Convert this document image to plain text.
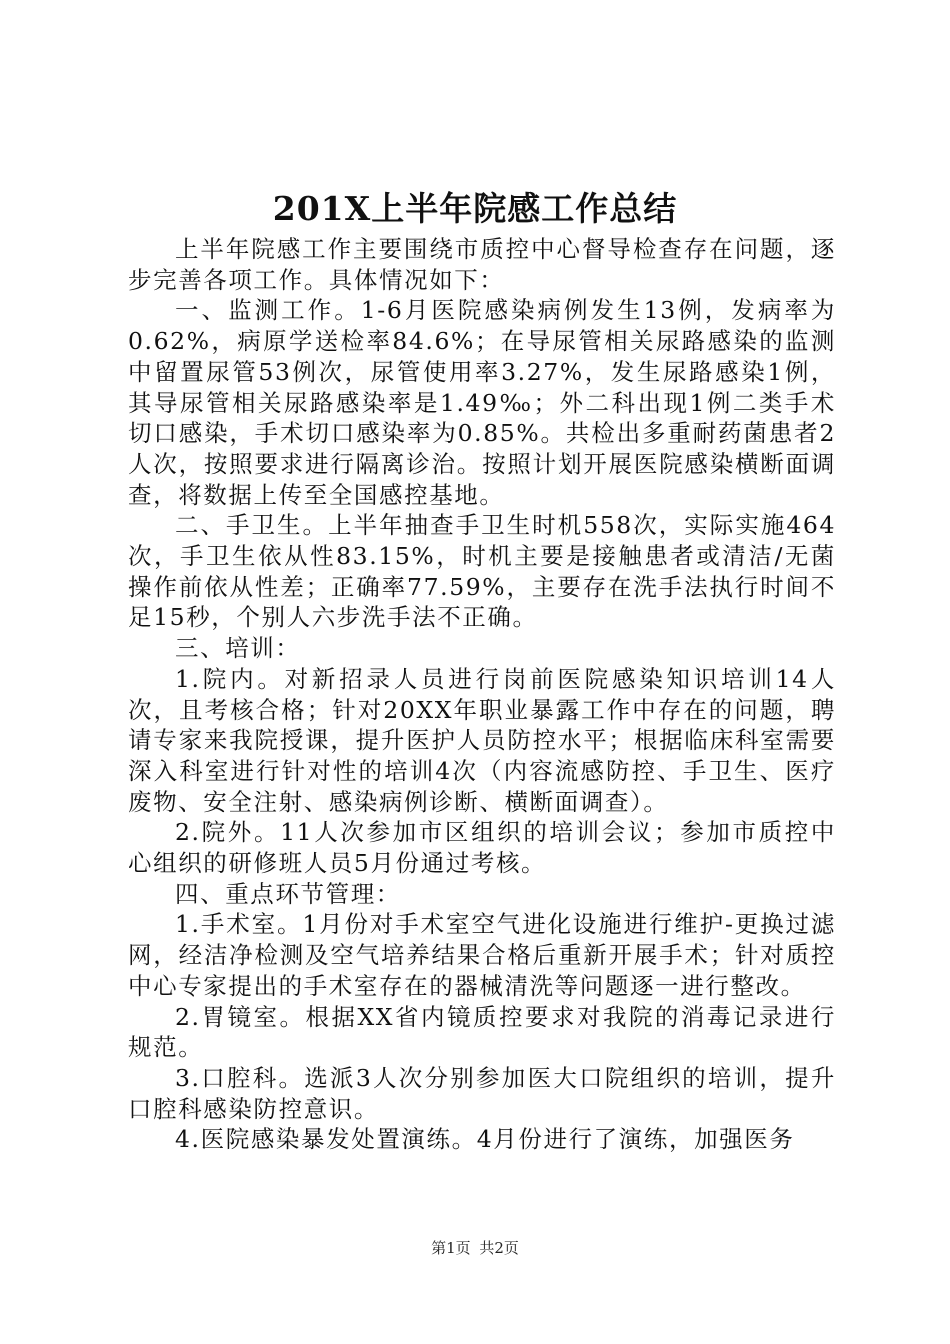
201X上半年院感工作总结

上半年院感工作主要围绕市质控中心督导检查存在问题，逐步完善各项工作。具体情况如下：

一、监测工作。1-6月医院感染病例发生13例，发病率为0.62%，病原学送检率84.6%；在导尿管相关尿路感染的监测中留置尿管53例次，尿管使用率3.27%，发生尿路感染1例，其导尿管相关尿路感染率是1.49‰；外二科出现1例二类手术切口感染，手术切口感染率为0.85%。共检出多重耐药菌患者2人次，按照要求进行隔离诊治。按照计划开展医院感染横断面调查，将数据上传至全国感控基地。

二、手卫生。上半年抽查手卫生时机558次，实际实施464次，手卫生依从性83.15%，时机主要是接触患者或清洁/无菌操作前依从性差；正确率77.59%，主要存在洗手法执行时间不足15秒，个别人六步洗手法不正确。

三、培训：

1.院内。对新招录人员进行岗前医院感染知识培训14人次，且考核合格；针对20XX年职业暴露工作中存在的问题，聘请专家来我院授课，提升医护人员防控水平；根据临床科室需要深入科室进行针对性的培训4次（内容流感防控、手卫生、医疗废物、安全注射、感染病例诊断、横断面调查）。

2.院外。11人次参加市区组织的培训会议；参加市质控中心组织的研修班人员5月份通过考核。

四、重点环节管理：

1.手术室。1月份对手术室空气进化设施进行维护-更换过滤网，经洁净检测及空气培养结果合格后重新开展手术；针对质控中心专家提出的手术室存在的器械清洗等问题逐一进行整改。

2.胃镜室。根据XX省内镜质控要求对我院的消毒记录进行规范。

3.口腔科。选派3人次分别参加医大口院组织的培训，提升口腔科感染防控意识。

4.医院感染暴发处置演练。4月份进行了演练，加强医务

第1页 共2页
